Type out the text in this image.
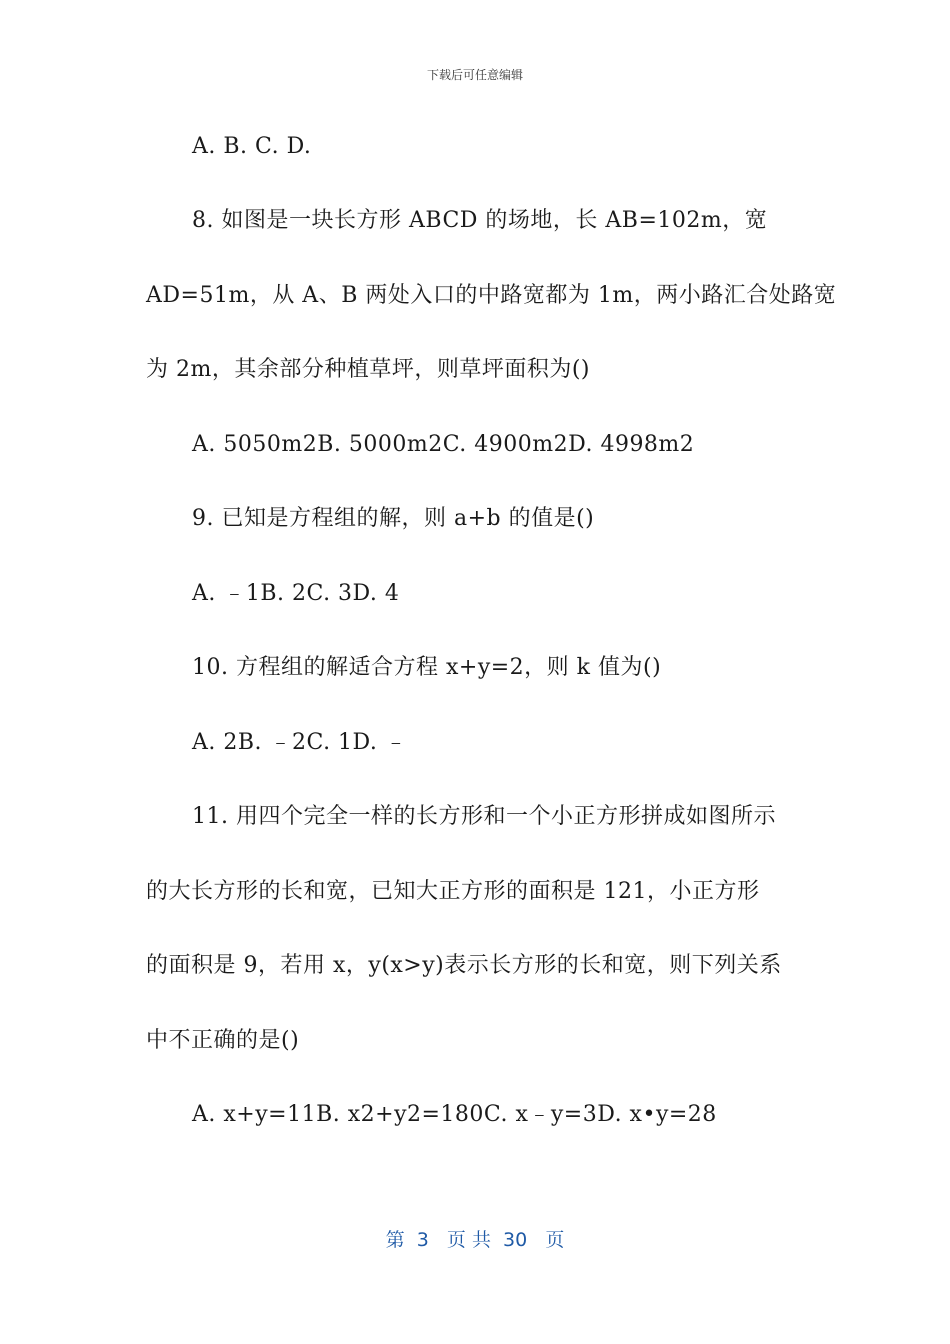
下载后可任意编辑
A. B. C. D.
8. 如图是一块长方形 ABCD 的场地，长 AB=102m，宽
AD=51m，从 A、B 两处入口的中路宽都为 1m，两小路汇合处路宽
为 2m，其余部分种植草坪，则草坪面积为()
A. 5050m2B. 5000m2C. 4900m2D. 4998m2
9. 已知是方程组的解，则 a+b 的值是()
A. ﹣1B. 2C. 3D. 4
10. 方程组的解适合方程 x+y=2，则 k 值为()
A. 2B. ﹣2C. 1D. ﹣
11. 用四个完全一样的长方形和一个小正方形拼成如图所示
的大长方形的长和宽，已知大正方形的面积是 121，小正方形
的面积是 9，若用 x，y(x>y)表示长方形的长和宽，则下列关系
中不正确的是()
A. x+y=11B. x2+y2=180C. x﹣y=3D. x•y=28
第  3   页 共  30   页
